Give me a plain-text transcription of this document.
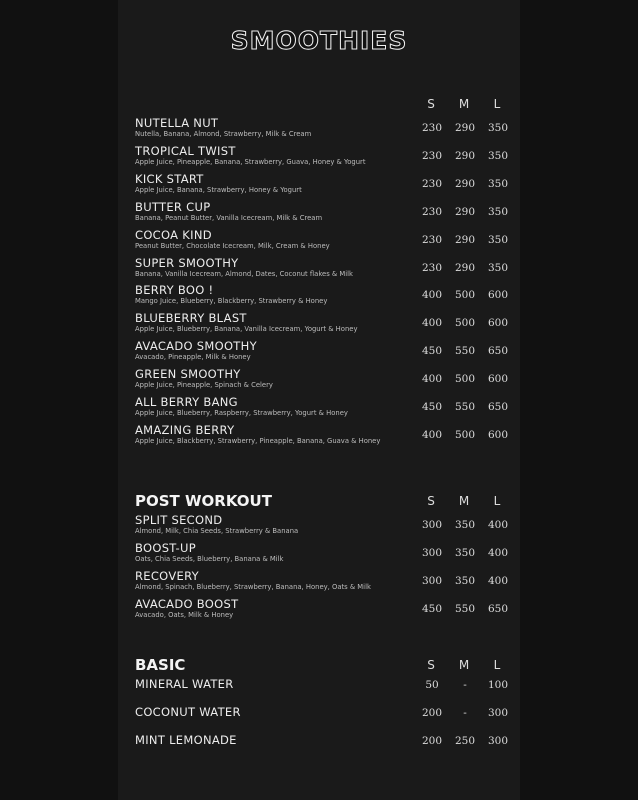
SMOOTHIES
S	M	L
NUTELLA NUT
Nutella, Banana, Almond, Strawberry, Milk & Cream	230	290	350
TROPICAL TWIST
Apple Juice, Pineapple, Banana, Strawberry, Guava, Honey & Yogurt	230	290	350
KICK START
Apple Juice, Banana, Strawberry, Honey & Yogurt	230	290	350
BUTTER CUP
Banana, Peanut Butter, Vanilla Icecream, Milk & Cream	230	290	350
COCOA KIND
Peanut Butter, Chocolate Icecream, Milk, Cream & Honey	230	290	350
SUPER SMOOTHY
Banana, Vanilla Icecream, Almond, Dates, Coconut flakes & Milk	230	290	350
BERRY BOO !
Mango Juice, Blueberry, Blackberry, Strawberry & Honey	400	500	600
BLUEBERRY BLAST
Apple Juice, Blueberry, Banana, Vanilla Icecream, Yogurt & Honey	400	500	600
AVACADO SMOOTHY
Avacado, Pineapple, Milk & Honey	450	550	650
GREEN SMOOTHY
Apple Juice, Pineapple, Spinach & Celery	400	500	600
ALL BERRY BANG
Apple Juice, Blueberry, Raspberry, Strawberry, Yogurt & Honey	450	550	650
AMAZING BERRY
Apple Juice, Blackberry, Strawberry, Pineapple, Banana, Guava & Honey	400	500	600
POST WORKOUT	S	M	L
SPLIT SECOND
Almond, Milk, Chia Seeds, Strawberry & Banana	300	350	400
BOOST-UP
Oats, Chia Seeds, Blueberry, Banana & Milk	300	350	400
RECOVERY
Almond, Spinach, Blueberry, Strawberry, Banana, Honey, Oats & Milk	300	350	400
AVACADO BOOST
Avacado, Oats, Milk & Honey	450	550	650
BASIC	S	M	L
MINERAL WATER	50	-	100
COCONUT WATER	200	-	300
MINT LEMONADE	200	250	300
